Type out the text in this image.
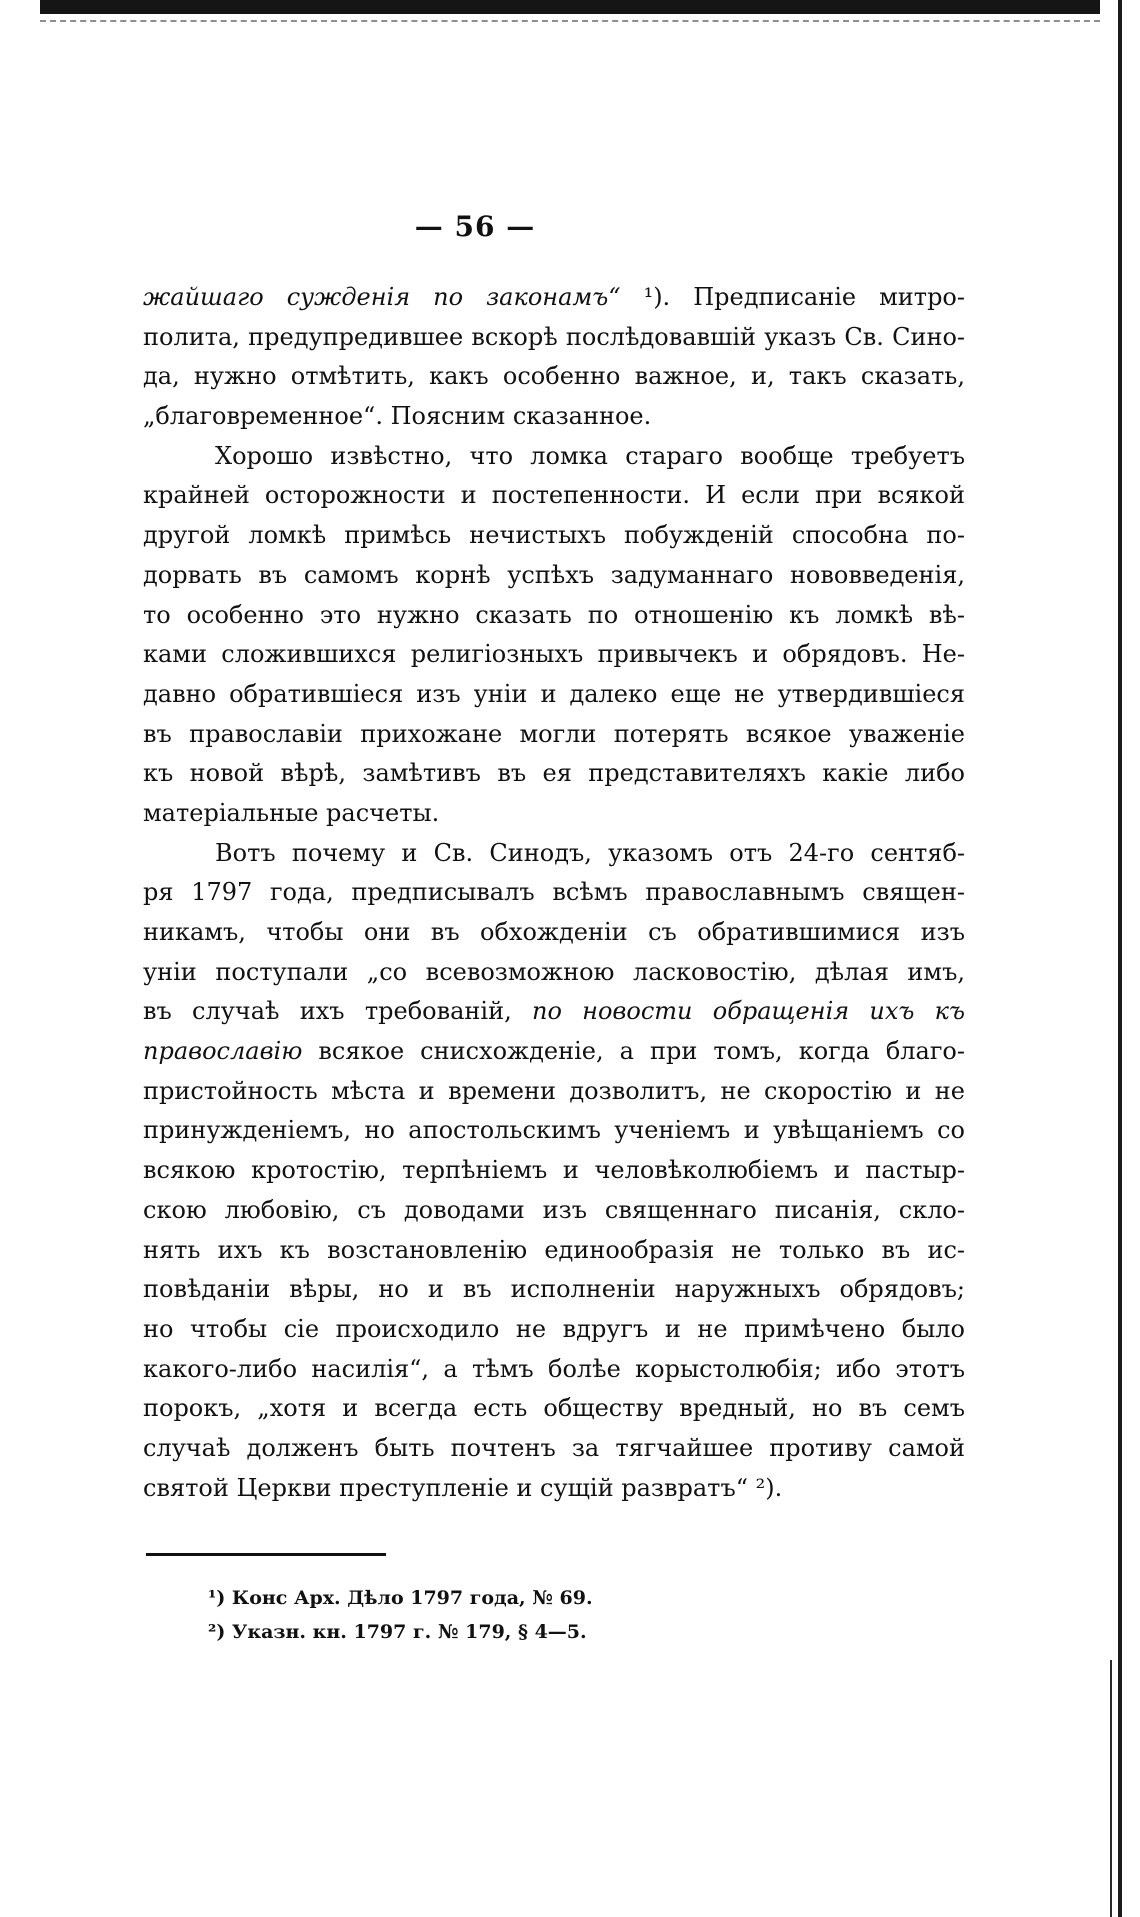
— 56 —
жайшаго сужденія по законамъ“ ¹). Предписаніе митро-
полита, предупредившее вскорѣ послѣдовавшій указъ Св. Сино-
да, нужно отмѣтить, какъ особенно важное, и, такъ сказать,
„благовременное“. Поясним сказанное.
Хорошо извѣстно, что ломка стараго вообще требуетъ
крайней осторожности и постепенности. И если при всякой
другой ломкѣ примѣсь нечистыхъ побужденій способна по-
дорвать въ самомъ корнѣ успѣхъ задуманнаго нововведенія,
то особенно это нужно сказать по отношенію къ ломкѣ вѣ-
ками сложившихся религіозныхъ привычекъ и обрядовъ. Не-
давно обратившіеся изъ уніи и далеко еще не утвердившіеся
въ православіи прихожане могли потерять всякое уваженіе
къ новой вѣрѣ, замѣтивъ въ ея представителяхъ какіе либо
матеріальные расчеты.
Вотъ почему и Св. Синодъ, указомъ отъ 24-го сентяб-
ря 1797 года, предписывалъ всѣмъ православнымъ священ-
никамъ, чтобы они въ обхожденіи съ обратившимися изъ
уніи поступали „со всевозможною ласковостію, дѣлая имъ,
въ случаѣ ихъ требованій, по новости обращенія ихъ къ
православію всякое снисхожденіе, а при томъ, когда благо-
пристойность мѣста и времени дозволитъ, не скоростію и не
принужденіемъ, но апостольскимъ ученіемъ и увѣщаніемъ со
всякою кротостію, терпѣніемъ и человѣколюбіемъ и пастыр-
скою любовію, съ доводами изъ священнаго писанія, скло-
нять ихъ къ возстановленію единообразія не только въ ис-
повѣданіи вѣры, но и въ исполненіи наружныхъ обрядовъ;
но чтобы сіе происходило не вдругъ и не примѣчено было
какого-либо насилія“, а тѣмъ болѣе корыстолюбія; ибо этотъ
порокъ, „хотя и всегда есть обществу вредный, но въ семъ
случаѣ долженъ быть почтенъ за тягчайшее противу самой
святой Церкви преступленіе и сущій развратъ“ ²).
¹) Конс Арх. Дѣло 1797 года, № 69.
²) Указн. кн. 1797 г. № 179, § 4—5.
